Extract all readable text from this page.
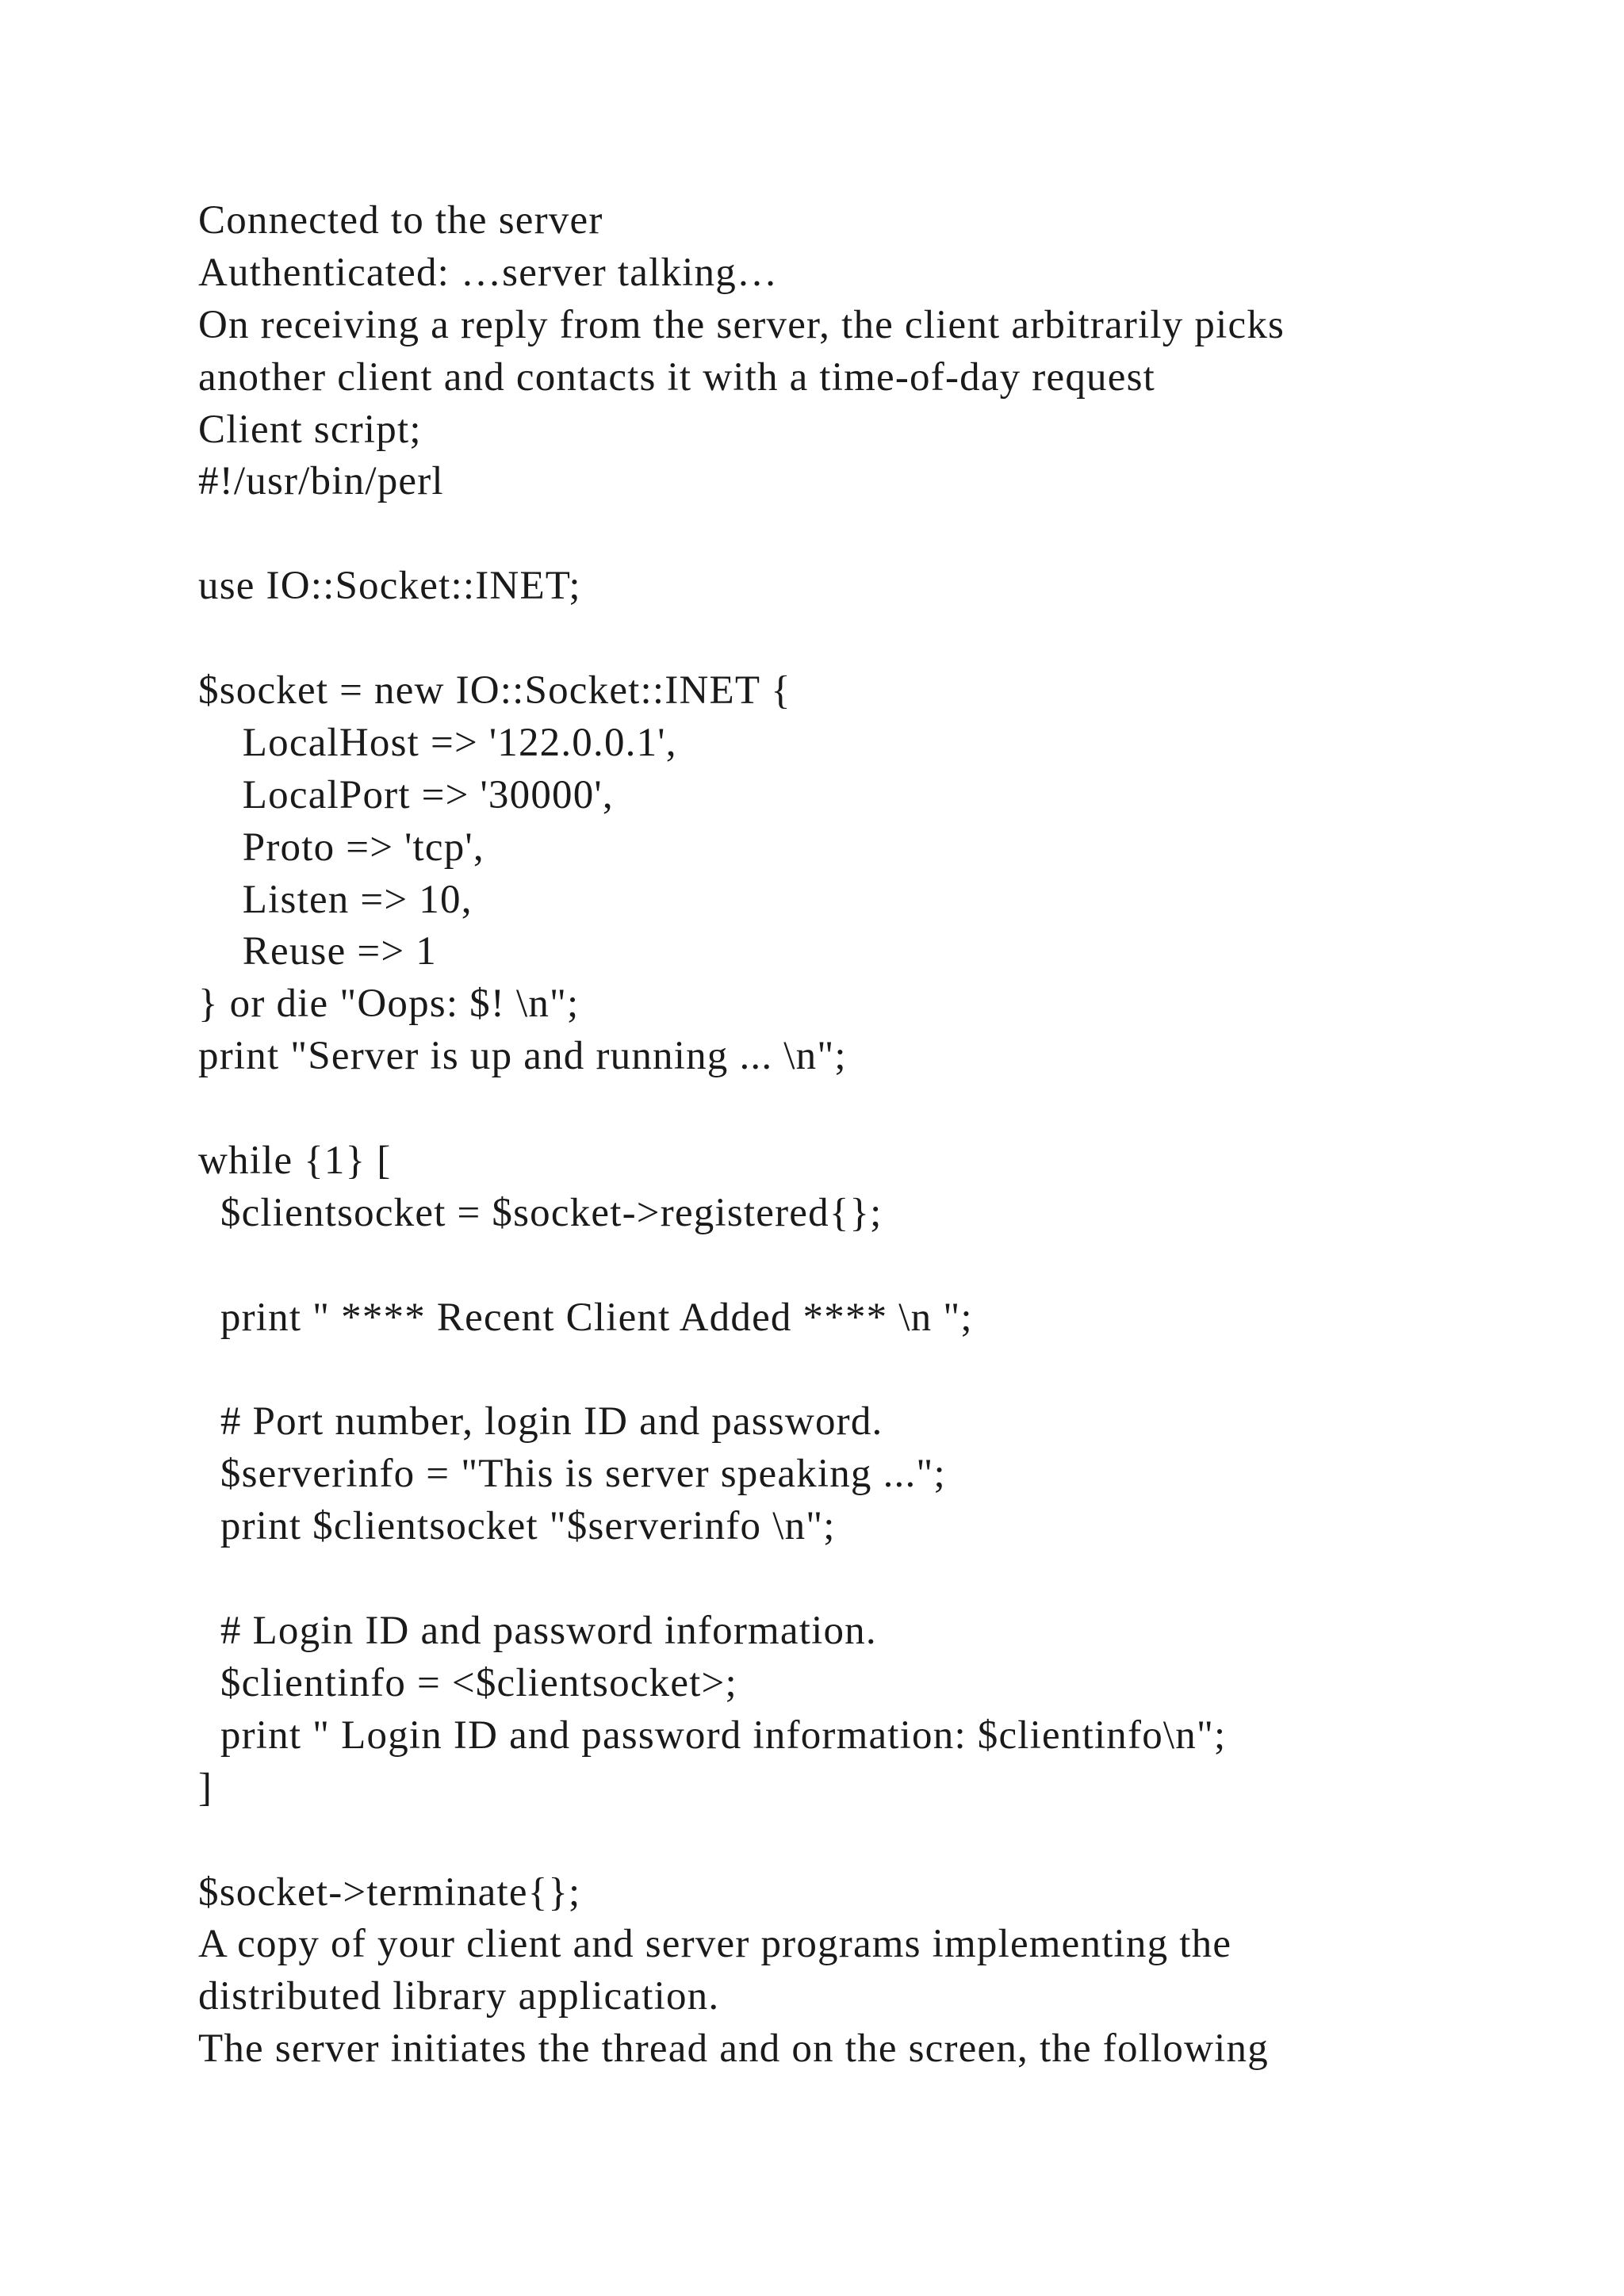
Connected to the server
Authenticated: …server talking…
On receiving a reply from the server, the client arbitrarily picks
another client and contacts it with a time-of-day request
Client script;
#!/usr/bin/perl
use IO::Socket::INET;
$socket = new IO::Socket::INET {
LocalHost => '122.0.0.1',
LocalPort => '30000',
Proto => 'tcp',
Listen => 10,
Reuse => 1
} or die "Oops: $! \n";
print "Server is up and running ... \n";
while {1} [
$clientsocket = $socket->registered{};
print " **** Recent Client Added **** \n ";
# Port number, login ID and password.
$serverinfo = "This is server speaking ...";
print $clientsocket "$serverinfo \n";
# Login ID and password information.
$clientinfo = <$clientsocket>;
print " Login ID and password information: $clientinfo\n";
]
$socket->terminate{};
A copy of your client and server programs implementing the
distributed library application.
The server initiates the thread and on the screen, the following
